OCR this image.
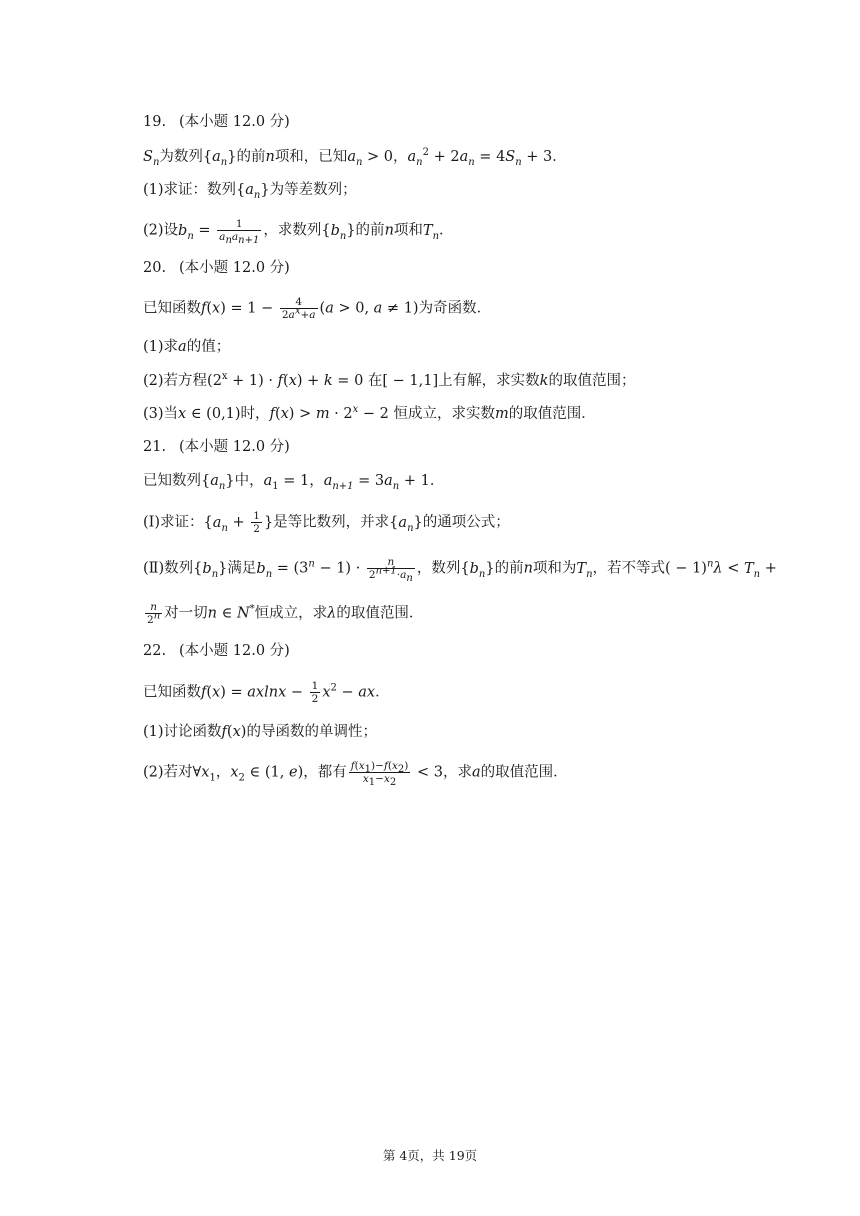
19. (本小题 12.0 分)
$S_n$为数列$\{a_n\}$的前n项和，已知$a_n > 0$，$a_n^2 + 2a_n = 4S_n + 3$．
(1)求证：数列$\{a_n\}$为等差数列；
(2)设$b_n = \frac{1}{a_na_{n+1}}$ ，求数列$\{b_n\}$的前n项和$T_n$．
20. (本小题 12.0 分)
已知函数$f(x) = 1 - \frac{4}{2a^x+a} (a > 0$, a ≠ 1)为奇函数．
(1)求a的值；
(2)若方程$(2^x + 1) \cdot f(x) + k = 0$ 在[ − 1,1]上有解，求实数k的取值范围；
(3)当x ∈ (0,1)时，$f(x) > m \cdot 2^x - 2$ 恒成立，求实数m的取值范围．
21. (本小题 12.0 分)
已知数列$\{a_n\}$中，$a_1 = 1$，$a_{n+1} = 3a_n + 1$．
(Ⅰ)求证：{$a_n + \frac{1}{2}$ }是等比数列，并求$\{a_n\}$的通项公式；
(Ⅱ)数列$\{b_n\}$满足$b_n = (3^n - 1) \cdot \frac{n}{2^{n+1}\cdot a_n}$ ，数列$\{b_n\}$的前n项和为$T_n$，若不等式( − $1)^n\lambda < T_n$ +
$\frac{n}{2^n}$ 对一切n ∈ N*恒成立，求λ的取值范围．
22. (本小题 12.0 分)
已知函数$f(x) = axlnx - \frac{1}{2} x^2$ − ax．
(1)讨论函数f(x)的导函数的单调性；
(2)若对$\forall x_1$，$x_2$ ∈ (1, e)，都有 $\frac{f(x_1)-f(x_2)}{x_1-x_2} < 3$，求a的取值范围．
第 4页，共 19页
